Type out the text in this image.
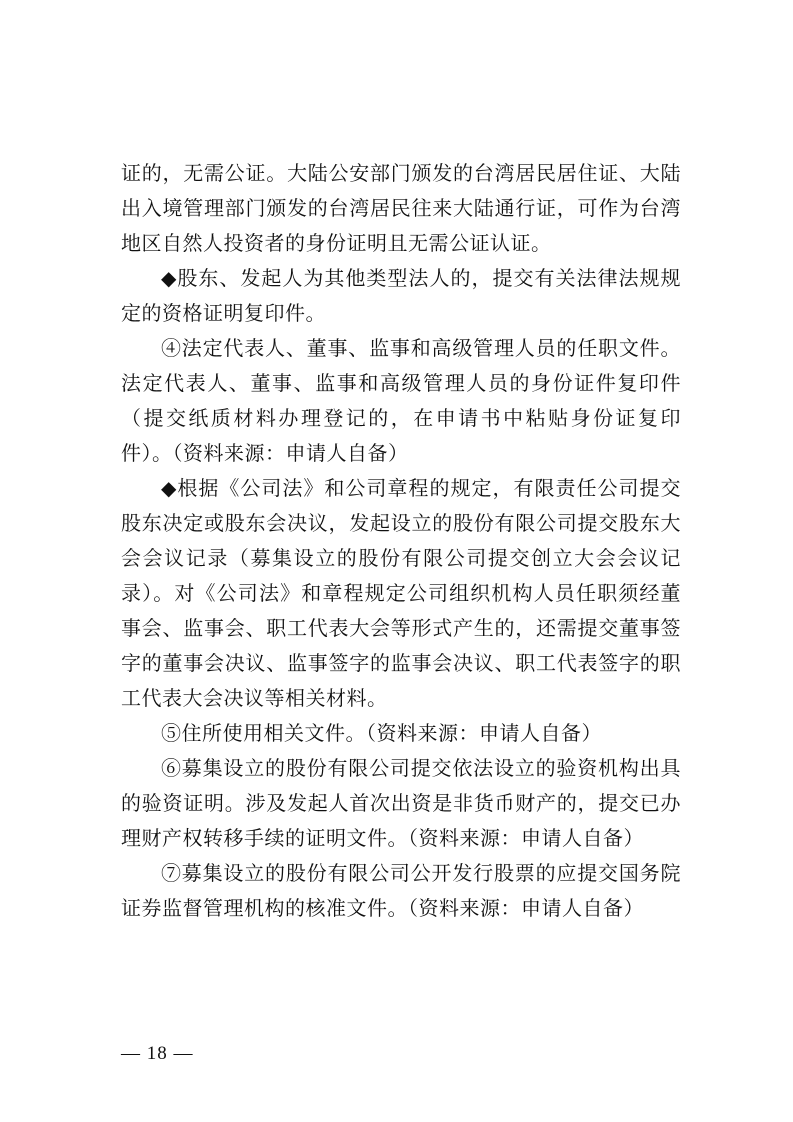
证的，无需公证。大陆公安部门颁发的台湾居民居住证、大陆出入境管理部门颁发的台湾居民往来大陆通行证，可作为台湾地区自然人投资者的身份证明且无需公证认证。

◆股东、发起人为其他类型法人的，提交有关法律法规规定的资格证明复印件。

④法定代表人、董事、监事和高级管理人员的任职文件。法定代表人、董事、监事和高级管理人员的身份证件复印件（提交纸质材料办理登记的，在申请书中粘贴身份证复印件）。（资料来源：申请人自备）

◆根据《公司法》和公司章程的规定，有限责任公司提交股东决定或股东会决议，发起设立的股份有限公司提交股东大会会议记录（募集设立的股份有限公司提交创立大会会议记录）。对《公司法》和章程规定公司组织机构人员任职须经董事会、监事会、职工代表大会等形式产生的，还需提交董事签字的董事会决议、监事签字的监事会决议、职工代表签字的职工代表大会决议等相关材料。

⑤住所使用相关文件。（资料来源：申请人自备）

⑥募集设立的股份有限公司提交依法设立的验资机构出具的验资证明。涉及发起人首次出资是非货币财产的，提交已办理财产权转移手续的证明文件。（资料来源：申请人自备）

⑦募集设立的股份有限公司公开发行股票的应提交国务院证券监督管理机构的核准文件。（资料来源：申请人自备）

— 18 —
